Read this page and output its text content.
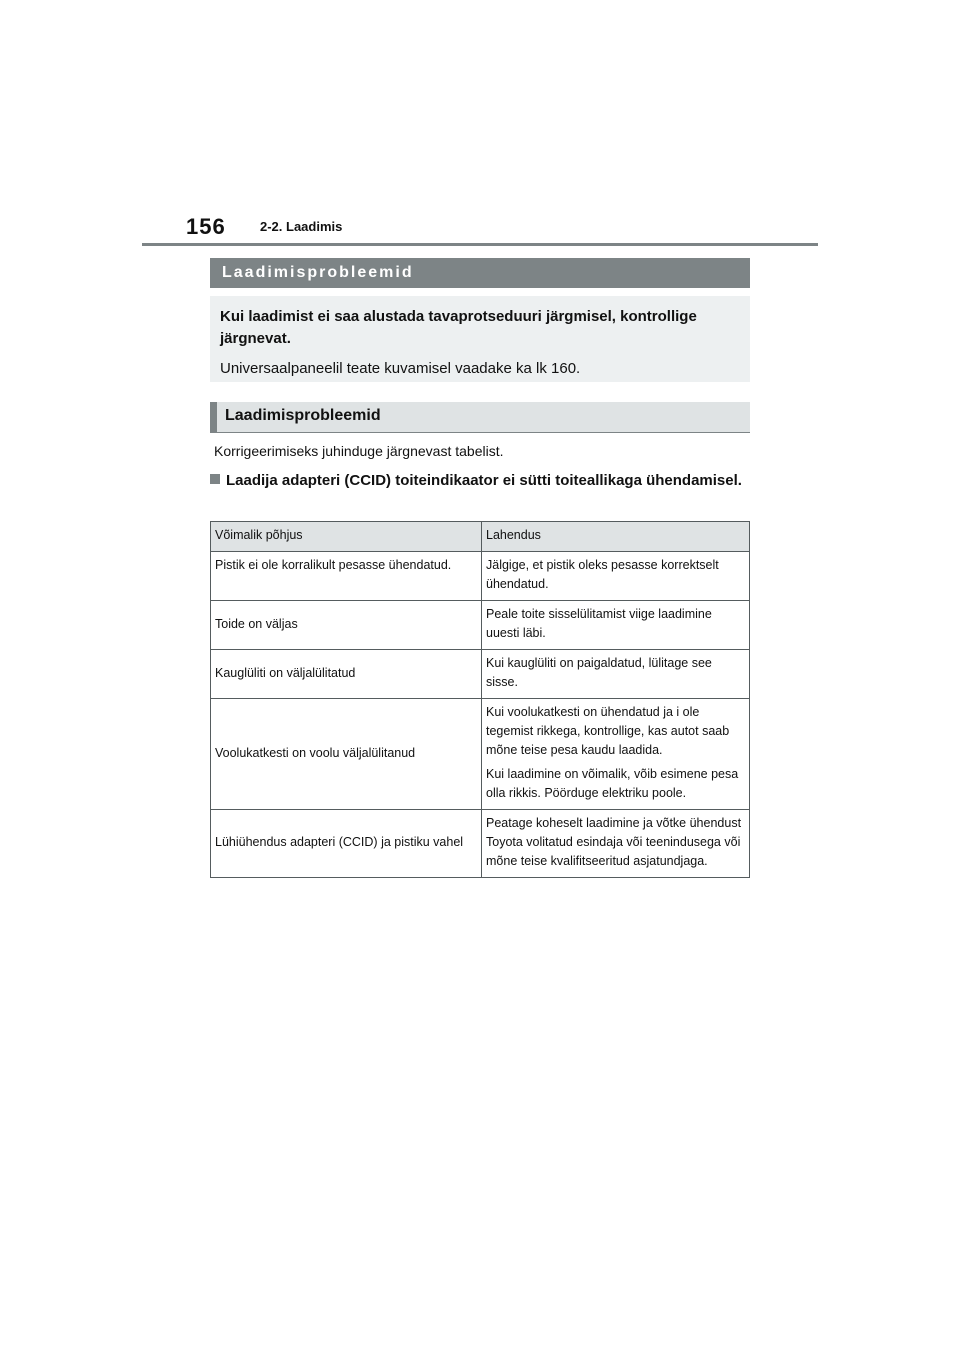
156	2-2. Laadimis
Laadimisprobleemid

Kui laadimist ei saa alustada tavaprotseduuri järgmisel, kontrollige järgnevat.

Universaalpaneelil teate kuvamisel vaadake ka lk 160.

Laadimisprobleemid
Korrigeerimiseks juhinduge järgnevast tabelist.
Laadija adapteri (CCID) toiteindikaator ei sütti toiteallikaga ühendamisel.
Võimalik põhjus	Lahendus
Pistik ei ole korralikult pesasse ühendatud.	Jälgige, et pistik oleks pesasse korrektselt ühendatud.

Toide on väljas	Peale toite sisselülitamist viige laadimine uuesti läbi.

Kauglüliti on väljalülitatud	Kui kauglüliti on paigaldatud, lülitage see sisse.

Voolukatkesti on voolu väljalülitanud	Kui voolukatkesti on ühendatud ja i ole tegemist rikkega, kontrollige, kas autot saab mõne teise pesa kaudu laadida.

Kui laadimine on võimalik, võib esimene pesa olla rikkis. Pöörduge elektriku poole.

Lühiühendus adapteri (CCID) ja pistiku vahel	Peatage koheselt laadimine ja võtke ühendust Toyota volitatud esindaja või teenindusega või mõne teise kvalifitseeritud asjatundjaga.
